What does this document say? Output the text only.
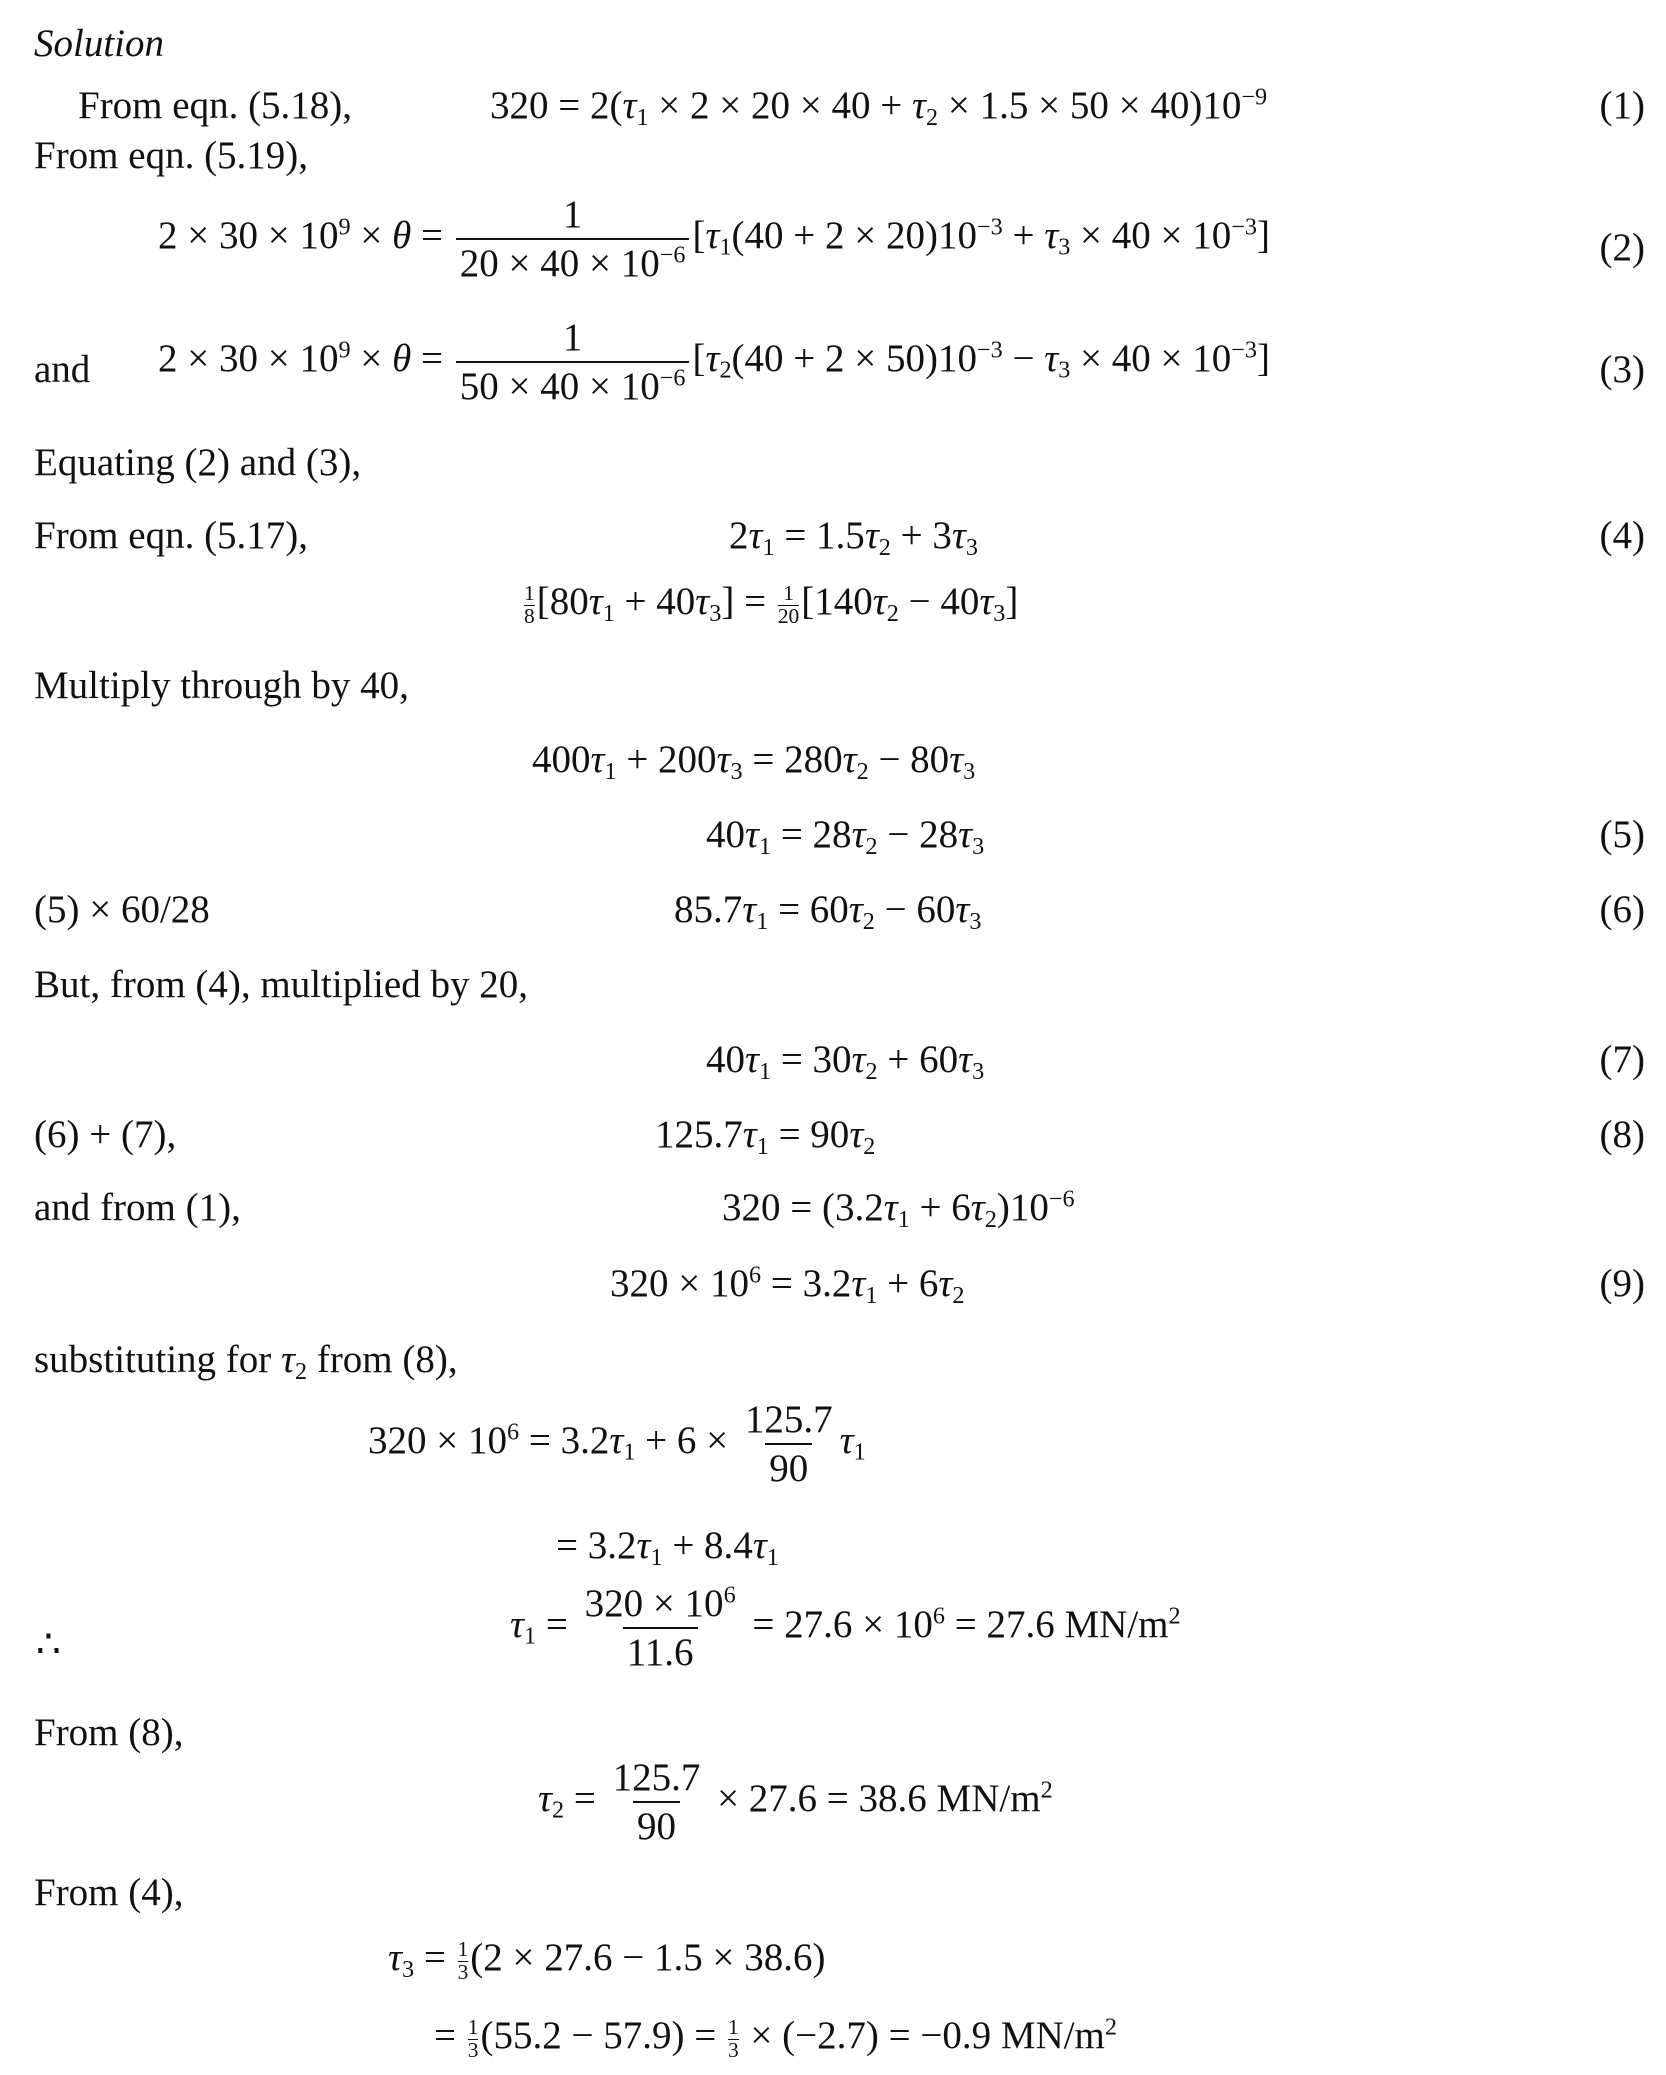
Solution
From eqn. (5.18),	$320 = 2(\tau_1 \times 2 \times 20 \times 40 + \tau_2 \times 1.5 \times 50 \times 40)10^{-9}$	(1)
From eqn. (5.19),
$2 \times 30 \times 10^9 \times \theta = \frac{1}{20 \times 40 \times 10^{-6}} [\tau_1(40 + 2 \times 20)10^{-3} + \tau_3 \times 40 \times 10^{-3}]$	(2)
and $2 \times 30 \times 10^9 \times \theta = \frac{1}{50 \times 40 \times 10^{-6}} [\tau_2(40 + 2 \times 50)10^{-3} - \tau_3 \times 40 \times 10^{-3}]$	(3)
Equating (2) and (3),
From eqn. (5.17),	$2\tau_1 = 1.5\tau_2 + 3\tau_3$	(4)
$\frac{1}{8} [80\tau_1 + 40\tau_3] = \frac{1}{20} [140\tau_2 - 40\tau_3]$
Multiply through by 40,
$400\tau_1 + 200\tau_3 = 280\tau_2 - 80\tau_3$
$40\tau_1 = 28\tau_2 - 28\tau_3$	(5)
(5) × 60/28	$85.7\tau_1 = 60\tau_2 - 60\tau_3$	(6)
But, from (4), multiplied by 20,
$40\tau_1 = 30\tau_2 + 60\tau_3$	(7)
(6) + (7),	$125.7\tau_1 = 90\tau_2$	(8)
and from (1),	$320 = (3.2\tau_1 + 6\tau_2)10^{-6}$
$320 \times 10^6 = 3.2\tau_1 + 6\tau_2$	(9)
substituting for $\tau_2$ from (8),
$320 \times 10^6 = 3.2\tau_1 + 6 \times \frac{125.7}{90} \tau_1$
= $3.2\tau_1 + 8.4\tau_1$
∴	$\tau_1 = \frac{320 \times 10^6}{11.6} = 27.6 \times 10^6 = 27.6$ $MN/m^2$
From (8),
$\tau_2 = \frac{125.7}{90} \times 27.6 = 38.6$ $MN/m^2$
From (4),
$\tau_3 = \frac{1}{3} (2 \times 27.6 - 1.5 \times 38.6)$
= $\frac{1}{3} (55.2 - 57.9) = \frac{1}{3} \times (-2.7) = -0.9$ $MN/m^2$
